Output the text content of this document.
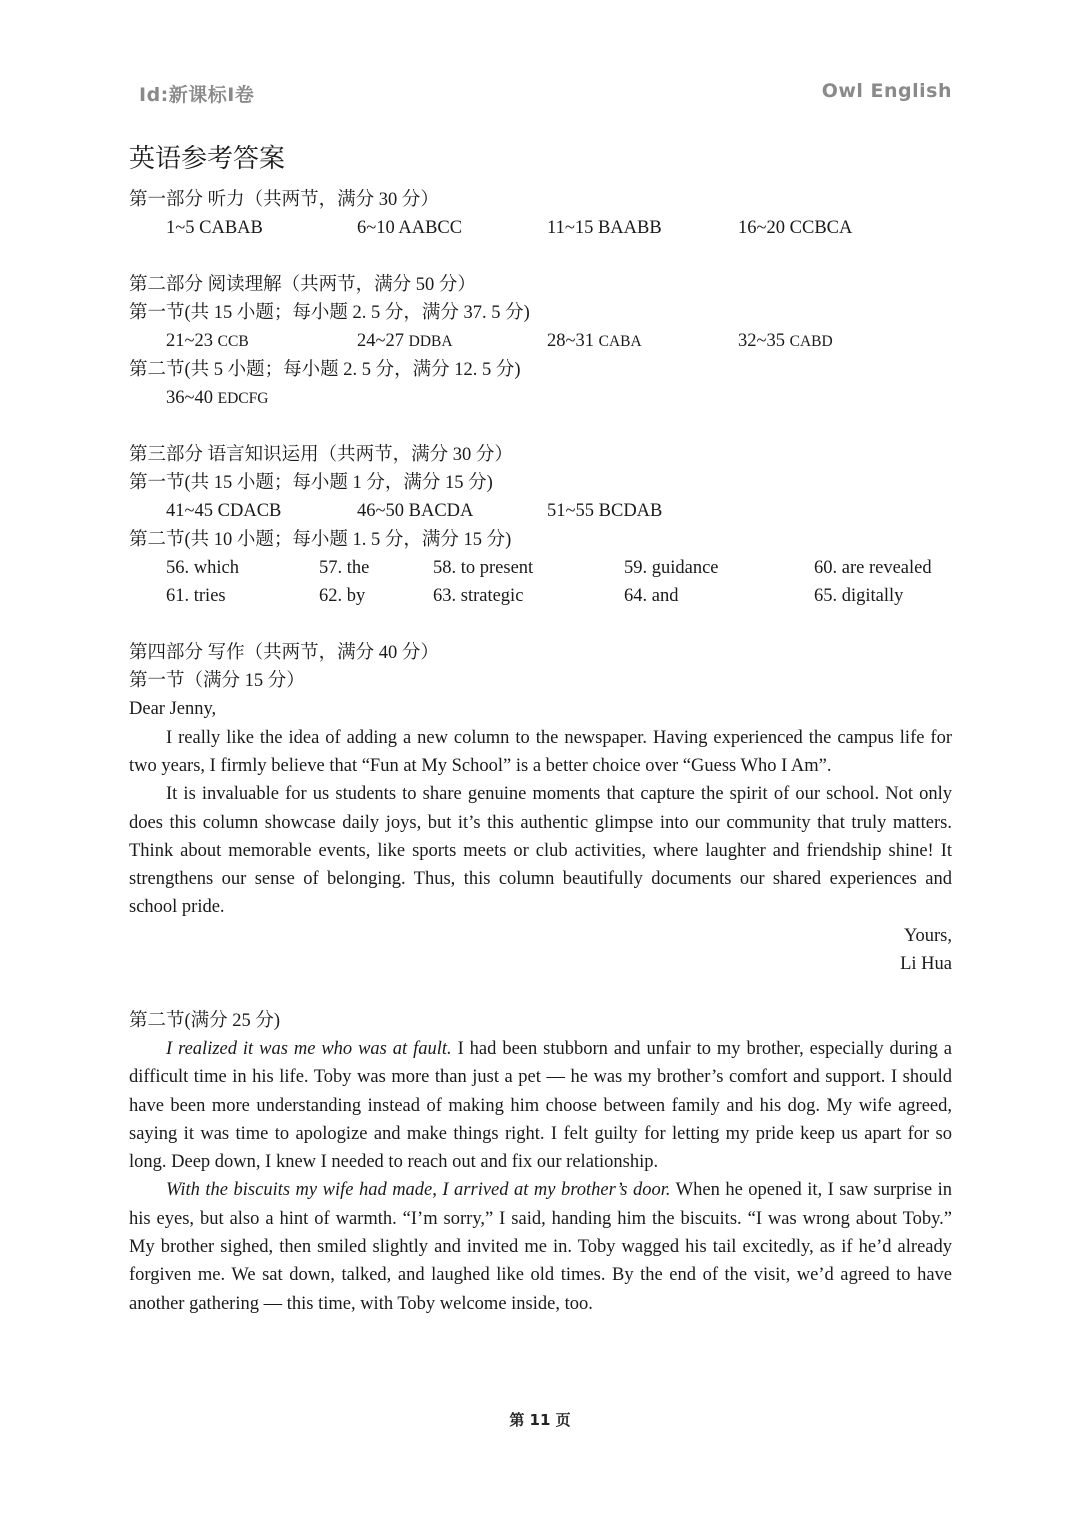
Id:新课标I卷	Owl English
英语参考答案
第一部分 听力（共两节，满分 30 分）
1~5 CABAB	6~10 AABCC	11~15 BAABB	16~20 CCBCA
第二部分 阅读理解（共两节，满分 50 分）
第一节(共 15 小题；每小题 2. 5 分，满分 37. 5 分)
21~23 CCB	24~27 DDBA	28~31 CABA	32~35 CABD
第二节(共 5 小题；每小题 2. 5 分，满分 12. 5 分)
36~40 EDCFG
第三部分 语言知识运用（共两节，满分 30 分）
第一节(共 15 小题；每小题 1 分，满分 15 分)
41~45 CDACB	46~50 BACDA	51~55 BCDAB
第二节(共 10 小题；每小题 1. 5 分，满分 15 分)
56. which	57. the	58. to present	59. guidance	60. are revealed
61. tries	62. by	63. strategic	64. and	65. digitally
第四部分 写作（共两节，满分 40 分）
第一节（满分 15 分）
Dear Jenny,

I really like the idea of adding a new column to the newspaper. Having experienced the campus life for two years, I firmly believe that “Fun at My School” is a better choice over “Guess Who I Am”.

It is invaluable for us students to share genuine moments that capture the spirit of our school. Not only does this column showcase daily joys, but it’s this authentic glimpse into our community that truly matters. Think about memorable events, like sports meets or club activities, where laughter and friendship shine! It strengthens our sense of belonging. Thus, this column beautifully documents our shared experiences and school pride.

Yours,
Li Hua
第二节(满分 25 分)

I realized it was me who was at fault. I had been stubborn and unfair to my brother, especially during a difficult time in his life. Toby was more than just a pet — he was my brother’s comfort and support. I should have been more understanding instead of making him choose between family and his dog. My wife agreed, saying it was time to apologize and make things right. I felt guilty for letting my pride keep us apart for so long. Deep down, I knew I needed to reach out and fix our relationship.

With the biscuits my wife had made, I arrived at my brother’s door. When he opened it, I saw surprise in his eyes, but also a hint of warmth. “I’m sorry,” I said, handing him the biscuits. “I was wrong about Toby.” My brother sighed, then smiled slightly and invited me in. Toby wagged his tail excitedly, as if he’d already forgiven me. We sat down, talked, and laughed like old times. By the end of the visit, we’d agreed to have another gathering — this time, with Toby welcome inside, too.

第 11 页
